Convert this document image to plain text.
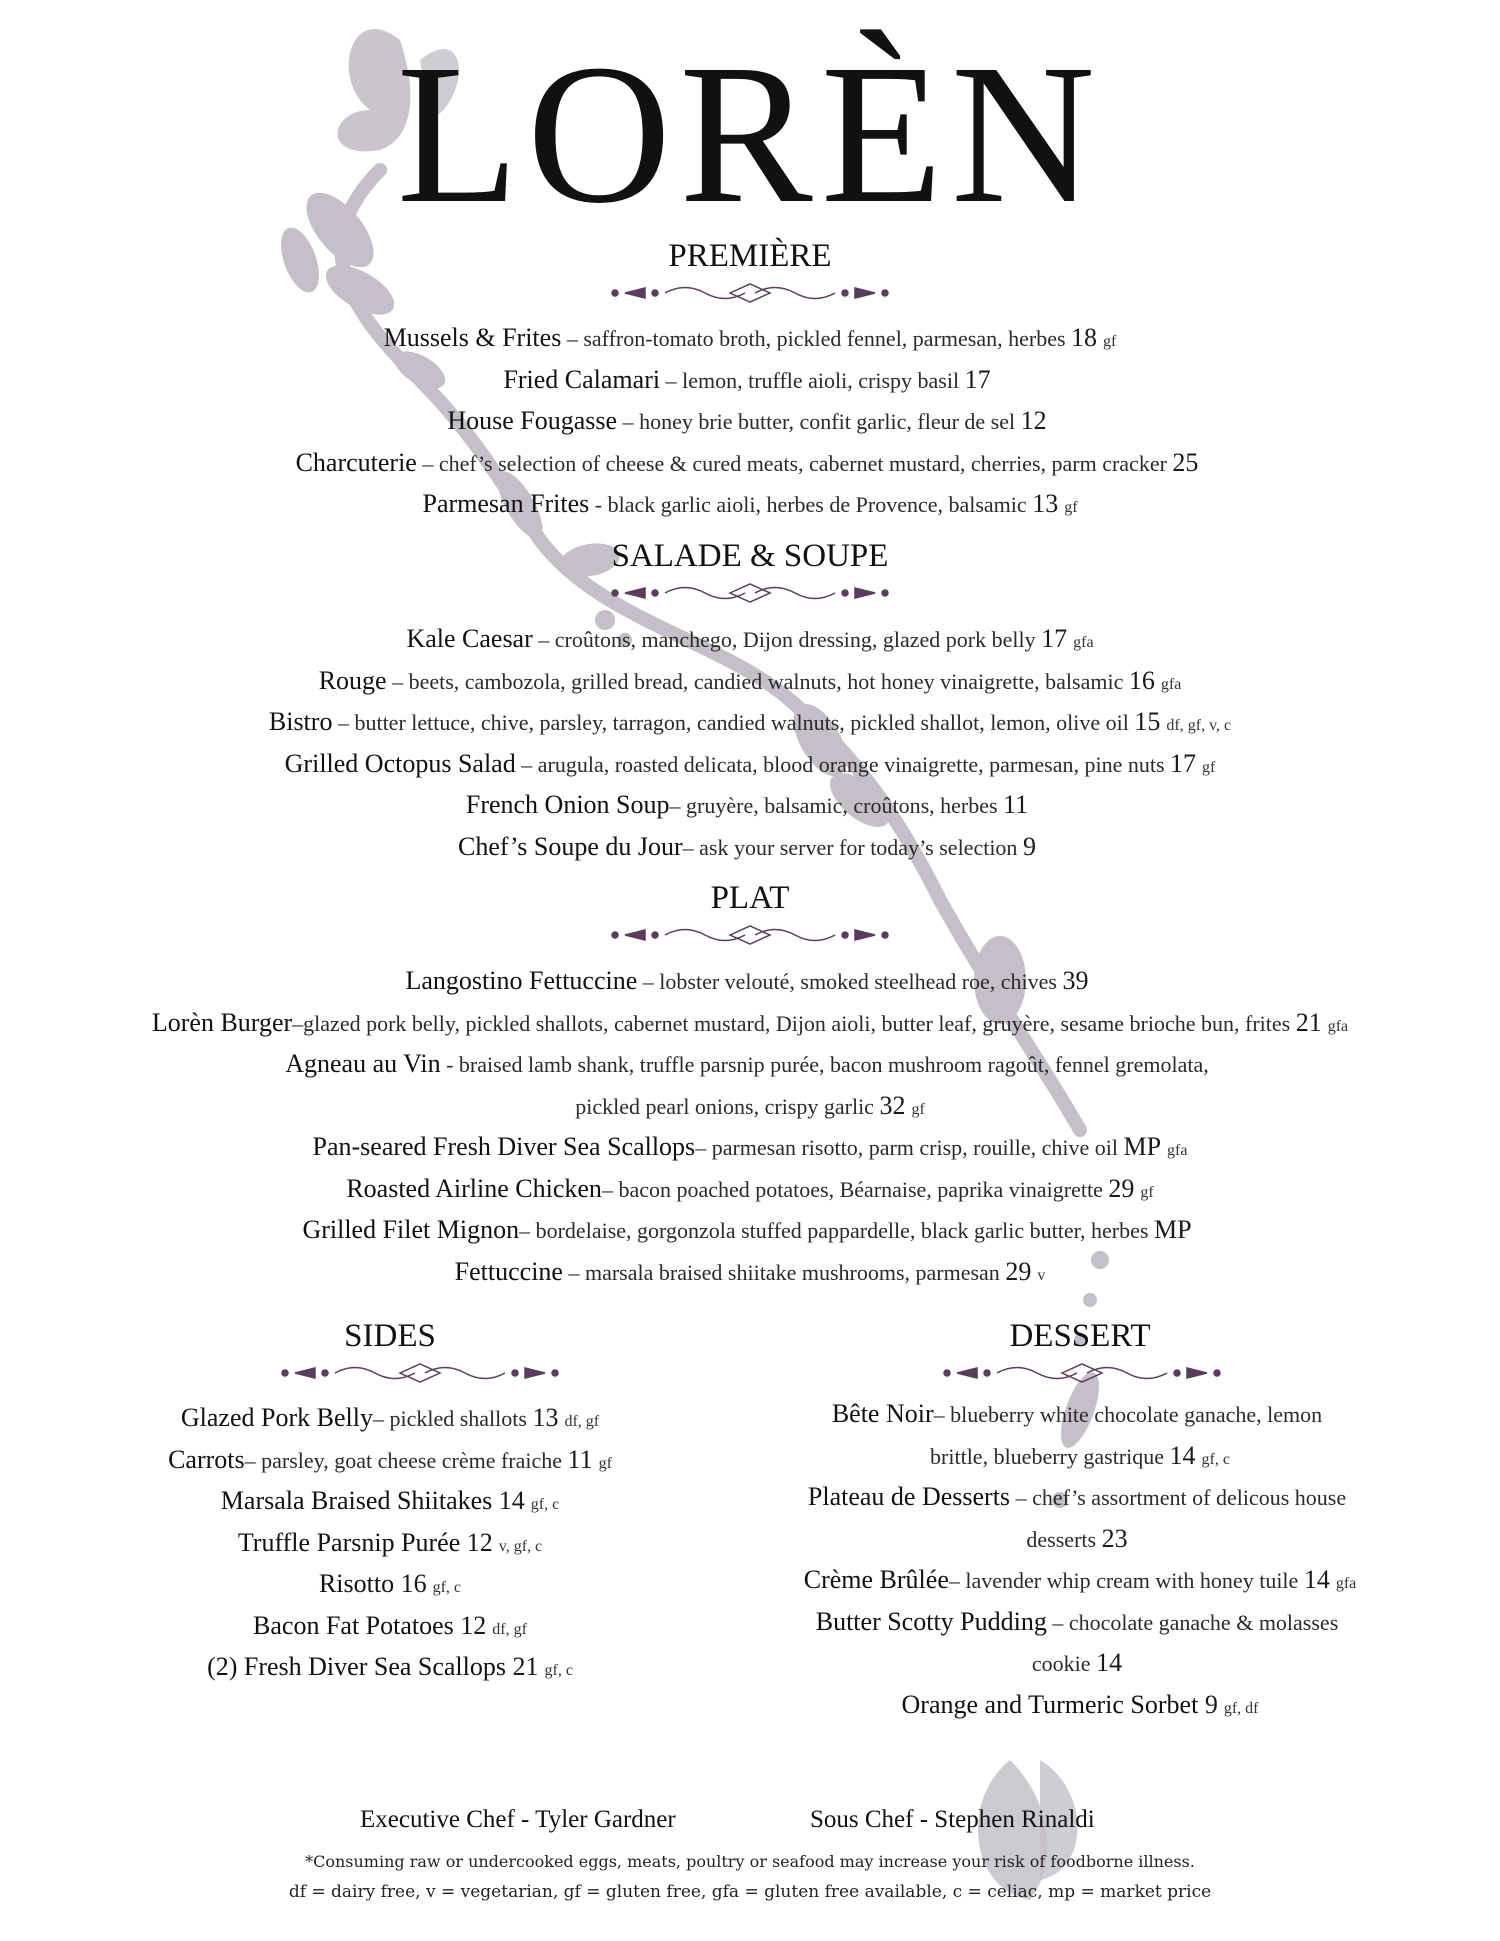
LORÈN
PREMIÈRE
Mussels & Frites – saffron-tomato broth, pickled fennel, parmesan, herbes 18 gf
Fried Calamari – lemon, truffle aioli, crispy basil 17
House Fougasse – honey brie butter, confit garlic, fleur de sel 12
Charcuterie – chef’s selection of cheese & cured meats, cabernet mustard, cherries, parm cracker 25
Parmesan Frites - black garlic aioli, herbes de Provence, balsamic 13 gf
SALADE & SOUPE
Kale Caesar – croûtons, manchego, Dijon dressing, glazed pork belly 17 gfa
Rouge – beets, cambozola, grilled bread, candied walnuts, hot honey vinaigrette, balsamic 16 gfa
Bistro – butter lettuce, chive, parsley, tarragon, candied walnuts, pickled shallot, lemon, olive oil 15 df, gf, v, c
Grilled Octopus Salad – arugula, roasted delicata, blood orange vinaigrette, parmesan, pine nuts 17 gf
French Onion Soup– gruyère, balsamic, croûtons, herbes 11
Chef’s Soupe du Jour– ask your server for today’s selection 9
PLAT
Langostino Fettuccine – lobster velouté, smoked steelhead roe, chives 39
Lorèn Burger–glazed pork belly, pickled shallots, cabernet mustard, Dijon aioli, butter leaf, gruyère, sesame brioche bun, frites 21 gfa
Agneau au Vin - braised lamb shank, truffle parsnip purée, bacon mushroom ragoût, fennel gremolata,
pickled pearl onions, crispy garlic 32 gf
Pan-seared Fresh Diver Sea Scallops– parmesan risotto, parm crisp, rouille, chive oil MP gfa
Roasted Airline Chicken– bacon poached potatoes, Béarnaise, paprika vinaigrette 29 gf
Grilled Filet Mignon– bordelaise, gorgonzola stuffed pappardelle, black garlic butter, herbes MP
Fettuccine – marsala braised shiitake mushrooms, parmesan 29 v
SIDES
Glazed Pork Belly– pickled shallots 13 df, gf
Carrots– parsley, goat cheese crème fraiche 11 gf
Marsala Braised Shiitakes 14 gf, c
Truffle Parsnip Purée 12 v, gf, c
Risotto 16 gf, c
Bacon Fat Potatoes 12 df, gf
(2) Fresh Diver Sea Scallops 21 gf, c
DESSERT
Bête Noir– blueberry white chocolate ganache, lemon
brittle, blueberry gastrique 14 gf, c
Plateau de Desserts – chef’s assortment of delicous house
desserts 23
Crème Brûlée– lavender whip cream with honey tuile 14 gfa
Butter Scotty Pudding – chocolate ganache & molasses
cookie 14
Orange and Turmeric Sorbet 9 gf, df
Executive Chef - Tyler Gardner	Sous Chef - Stephen Rinaldi
*Consuming raw or undercooked eggs, meats, poultry or seafood may increase your risk of foodborne illness.
df = dairy free, v = vegetarian, gf = gluten free, gfa = gluten free available, c = celiac, mp = market price
